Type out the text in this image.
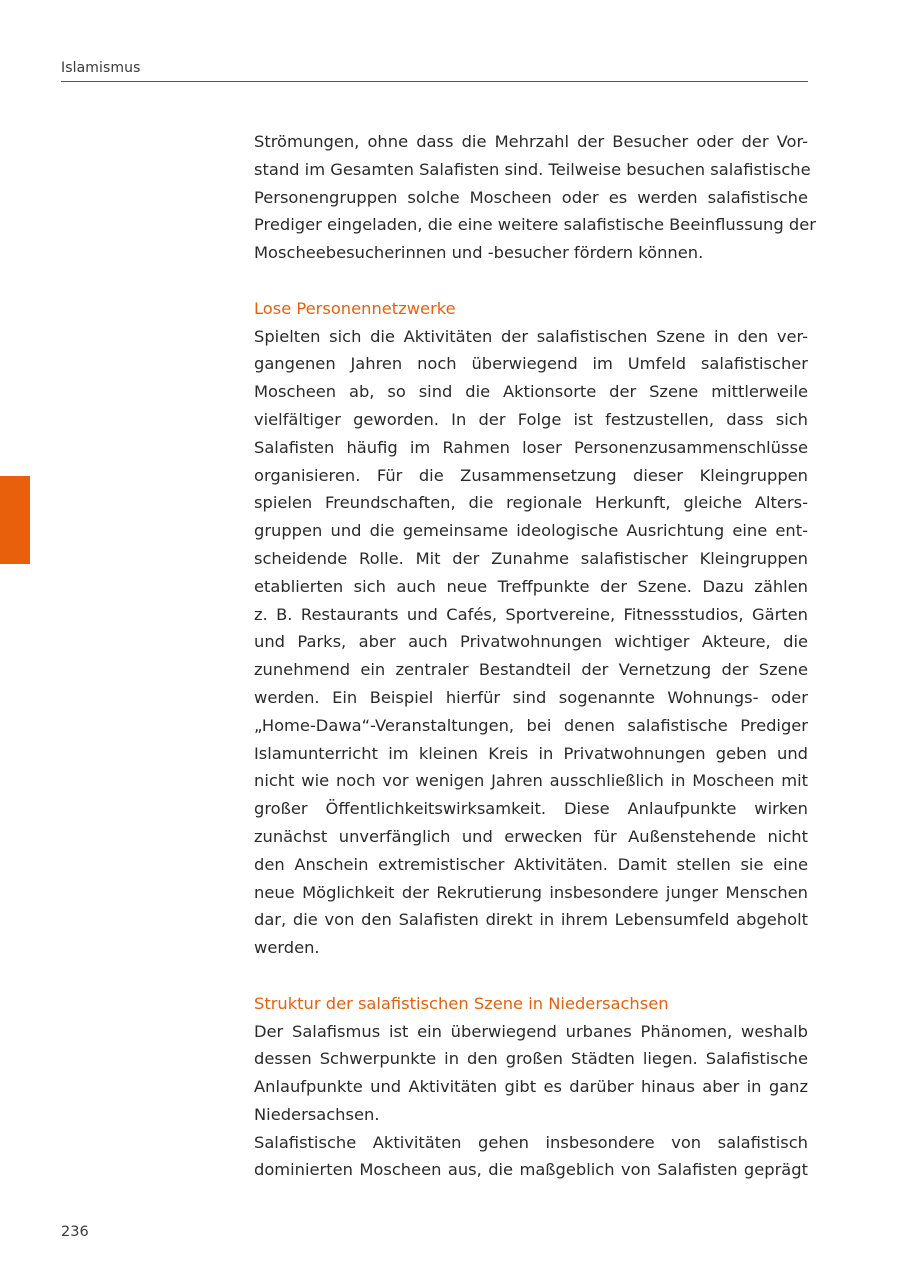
Islamismus
Strömungen, ohne dass die Mehrzahl der Besucher oder der Vor-
stand im Gesamten Salafisten sind. Teilweise besuchen salafistische
Personengruppen solche Moscheen oder es werden salafistische
Prediger eingeladen, die eine weitere salafistische Beeinflussung der
Moscheebesucherinnen und -besucher fördern können.
Lose Personennetzwerke
Spielten sich die Aktivitäten der salafistischen Szene in den ver-
gangenen Jahren noch überwiegend im Umfeld salafistischer
Moscheen ab, so sind die Aktionsorte der Szene mittlerweile
vielfältiger geworden. In der Folge ist festzustellen, dass sich
Salafisten häufig im Rahmen loser Personenzusammenschlüsse
organisieren. Für die Zusammensetzung dieser Kleingruppen
spielen Freundschaften, die regionale Herkunft, gleiche Alters-
gruppen und die gemeinsame ideologische Ausrichtung eine ent-
scheidende Rolle. Mit der Zunahme salafistischer Kleingruppen
etablierten sich auch neue Treffpunkte der Szene. Dazu zählen
z. B. Restaurants und Cafés, Sportvereine, Fitnessstudios, Gärten
und Parks, aber auch Privatwohnungen wichtiger Akteure, die
zunehmend ein zentraler Bestandteil der Vernetzung der Szene
werden. Ein Beispiel hierfür sind sogenannte Wohnungs- oder
„Home-Dawa“-Veranstaltungen, bei denen salafistische Prediger
Islamunterricht im kleinen Kreis in Privatwohnungen geben und
nicht wie noch vor wenigen Jahren ausschließlich in Moscheen mit
großer Öffentlichkeitswirksamkeit. Diese Anlaufpunkte wirken
zunächst unverfänglich und erwecken für Außenstehende nicht
den Anschein extremistischer Aktivitäten. Damit stellen sie eine
neue Möglichkeit der Rekrutierung insbesondere junger Menschen
dar, die von den Salafisten direkt in ihrem Lebensumfeld abgeholt
werden.
Struktur der salafistischen Szene in Niedersachsen
Der Salafismus ist ein überwiegend urbanes Phänomen, weshalb
dessen Schwerpunkte in den großen Städten liegen. Salafistische
Anlaufpunkte und Aktivitäten gibt es darüber hinaus aber in ganz
Niedersachsen.
Salafistische Aktivitäten gehen insbesondere von salafistisch
dominierten Moscheen aus, die maßgeblich von Salafisten geprägt
236
